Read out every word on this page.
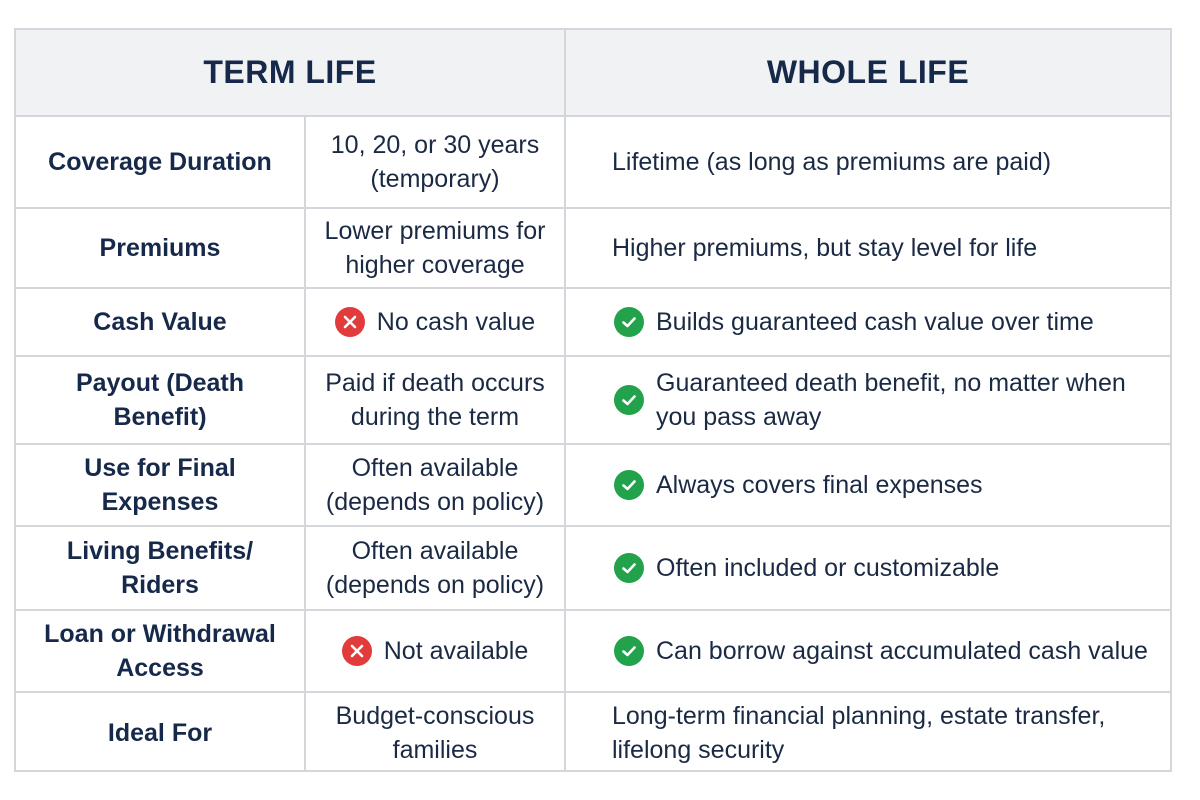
TERM LIFE		WHOLE LIFE
Coverage Duration	10, 20, or 30 years (temporary)	Lifetime (as long as premiums are paid)
Premiums	Lower premiums for higher coverage	Higher premiums, but stay level for life
Cash Value	No cash value	Builds guaranteed cash value over time

Payout (Death Benefit)	Paid if death occurs during the term	Guaranteed death benefit, no matter when you pass away

Use for Final Expenses	Often available (depends on policy)	Always covers final expenses

Living Benefits/ Riders	Often available (depends on policy)	Often included or customizable

Loan or Withdrawal Access	Not available	Can borrow against accumulated cash value

Ideal For	Budget-conscious families	Long-term financial planning, estate transfer, lifelong security
